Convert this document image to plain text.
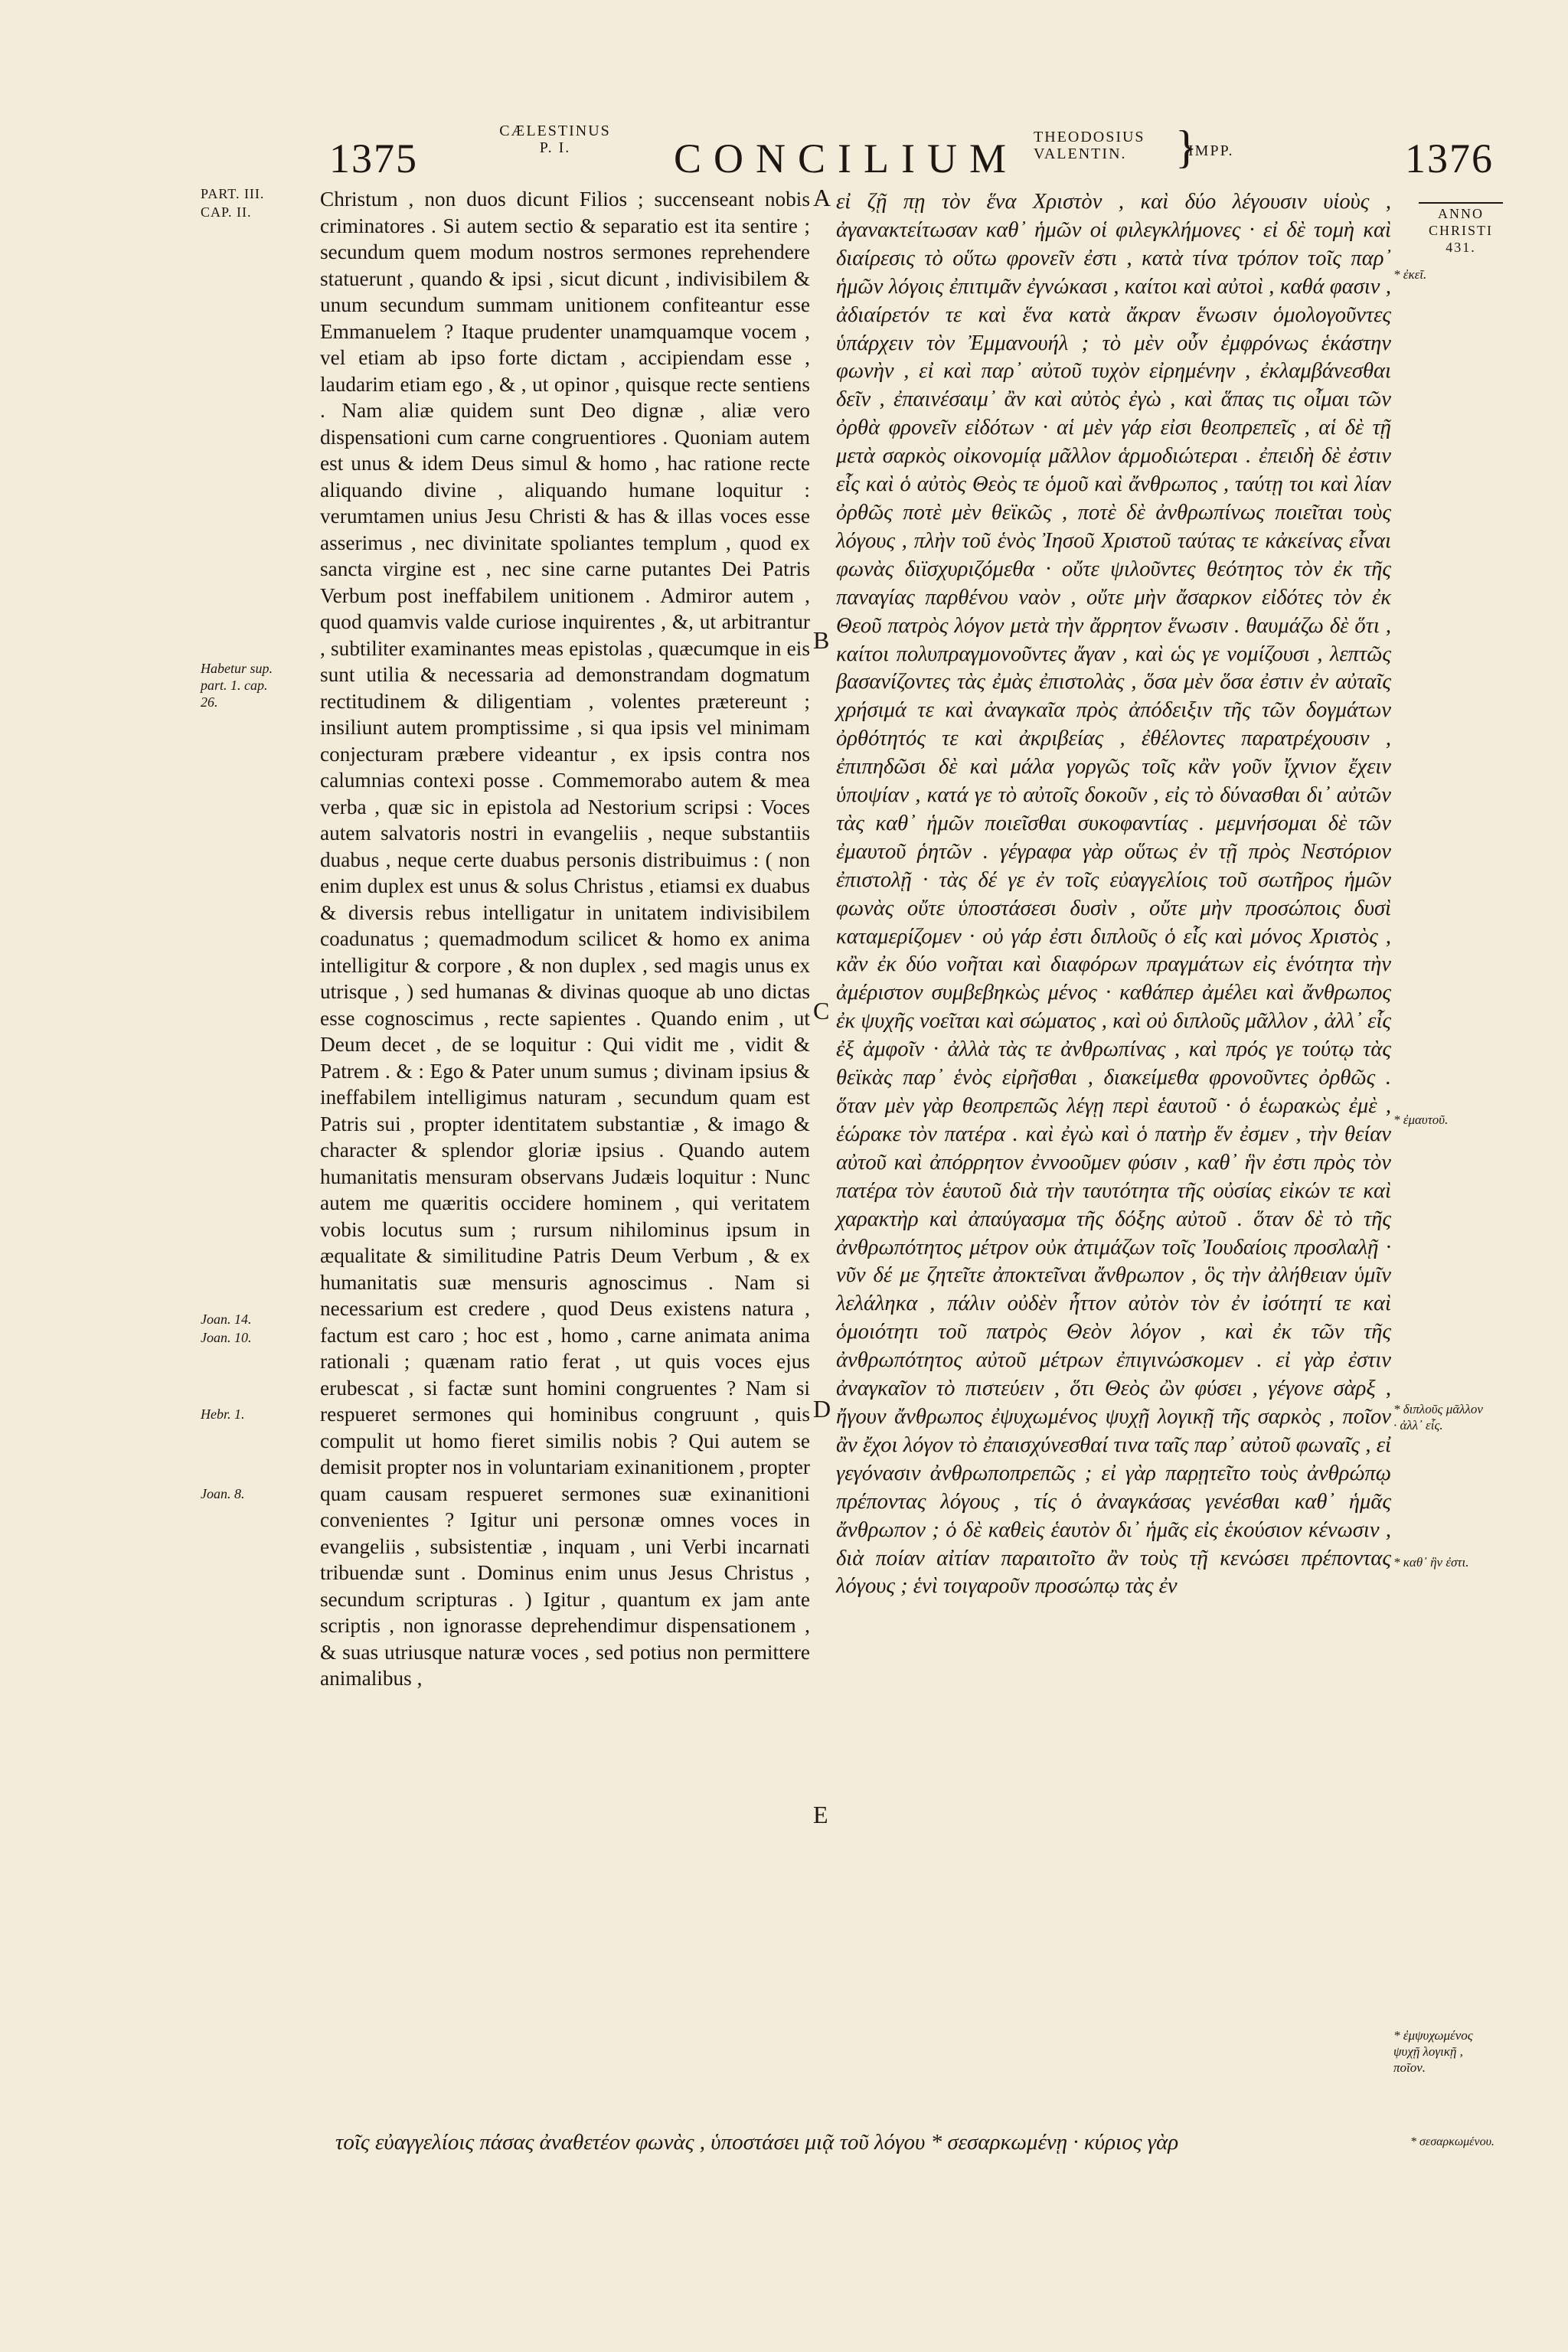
1375
CÆLESTINUS
P. I.	CONCILIUM THEODOSIUS
VALENTIN.	}
IMPP.	1376
ANNO
CHRISTI
431.
PART. III.
CAP. II.
Habetur sup.
part. 1. cap.
26.
Joan. 14.
Joan. 10.
Hebr. 1.
Joan. 8.

Christum , non duos dicunt Filios ; succenseant nobis criminatores . Si autem sectio & separatio est ita sentire ; secundum quem modum nostros sermones reprehendere statuerunt , quando & ipsi , sicut dicunt , indivisibilem & unum secundum summam unitionem confiteantur esse Emmanuelem ? Itaque prudenter unamquamque vocem , vel etiam ab ipso forte dictam , accipiendam esse , laudarim etiam ego , & , ut opinor , quisque recte sentiens . Nam aliæ quidem sunt Deo dignæ , aliæ vero dispensationi cum carne congruentiores . Quoniam autem est unus & idem Deus simul & homo , hac ratione recte aliquando divine , aliquando humane loquitur : verumtamen unius Jesu Christi & has & illas voces esse asserimus , nec divinitate spoliantes templum , quod ex sancta virgine est , nec sine carne putantes Dei Patris Verbum post ineffabilem unitionem . Admiror autem , quod quamvis valde curiose inquirentes , &, ut arbitrantur , subtiliter examinantes meas epistolas , quæcumque in eis sunt utilia & necessaria ad demonstrandam dogmatum rectitudinem & diligentiam , volentes prætereunt ; insiliunt autem promptissime , si qua ipsis vel minimam conjecturam præbere videantur , ex ipsis contra nos calumnias contexi posse . Commemorabo autem & mea verba , quæ sic in epistola ad Nestorium scripsi : Voces autem salvatoris nostri in evangeliis , neque substantiis duabus , neque certe duabus personis distribuimus : ( non enim duplex est unus & solus Christus , etiamsi ex duabus & diversis rebus intelligatur in unitatem indivisibilem coadunatus ; quemadmodum scilicet & homo ex anima intelligitur & corpore , & non duplex , sed magis unus ex utrisque , ) sed humanas & divinas quoque ab uno dictas esse cognoscimus , recte sapientes . Quando enim , ut Deum decet , de se loquitur : Qui vidit me , vidit & Patrem . & : Ego & Pater unum sumus ; divinam ipsius & ineffabilem intelligimus naturam , secundum quam est Patris sui , propter identitatem substantiæ , & imago & character & splendor gloriæ ipsius . Quando autem humanitatis mensuram observans Judæis loquitur : Nunc autem me quæritis occidere hominem , qui veritatem vobis locutus sum ; rursum nihilominus ipsum in æqualitate & similitudine Patris Deum Verbum , & ex humanitatis suæ mensuris agnoscimus . Nam si necessarium est credere , quod Deus existens natura , factum est caro ; hoc est , homo , carne animata anima rationali ; quænam ratio ferat , ut quis voces ejus erubescat , si factæ sunt homini congruentes ? Nam si respueret sermones qui hominibus congruunt , quis compulit ut homo fieret similis nobis ? Qui autem se demisit propter nos in voluntariam exinanitionem , propter quam causam respueret sermones suæ exinanitioni convenientes ? Igitur uni personæ omnes voces in evangeliis , subsistentiæ , inquam , uni Verbi incarnati tribuendæ sunt . Dominus enim unus Jesus Christus , secundum scripturas . ) Igitur , quantum ex jam ante scriptis , non ignorasse deprehendimur dispensationem , & suas utriusque naturæ voces , sed potius non permittere animalibus ,

A
B
C
D
E

εἰ ζῇ πῃ τὸν ἕνα Χριστὸν , καὶ δύο λέγουσιν υἱοὺς , ἀγανακτείτωσαν καθ᾽ ἡμῶν οἱ φιλεγκλήμονες · εἰ δὲ τομὴ καὶ διαίρεσις τὸ οὕτω φρονεῖν ἐστι , κατὰ τίνα τρόπον τοῖς παρ᾽ ἡμῶν λόγοις ἐπιτιμᾶν ἐγνώκασι , καίτοι καὶ αὐτοὶ , καθά φασιν , ἀδιαίρετόν τε καὶ ἕνα κατὰ ἄκραν ἕνωσιν ὁμολογοῦντες ὑπάρχειν τὸν Ἐμμανουήλ ; τὸ μὲν οὖν ἐμφρόνως ἑκάστην φωνὴν , εἰ καὶ παρ᾽ αὐτοῦ τυχὸν εἰρημένην , ἐκλαμβάνεσθαι δεῖν , ἐπαινέσαιμ᾽ ἂν καὶ αὐτὸς ἐγὼ , καὶ ἅπας τις οἶμαι τῶν ὀρθὰ φρονεῖν εἰδότων · αἱ μὲν γάρ εἰσι θεοπρεπεῖς , αἱ δὲ τῇ μετὰ σαρκὸς οἰκονομίᾳ μᾶλλον ἁρμοδιώτεραι . ἐπειδὴ δὲ ἐστιν εἷς καὶ ὁ αὐτὸς Θεὸς τε ὁμοῦ καὶ ἄνθρωπος , ταύτῃ τοι καὶ λίαν ὀρθῶς ποτὲ μὲν θεϊκῶς , ποτὲ δὲ ἀνθρωπίνως ποιεῖται τοὺς λόγους , πλὴν τοῦ ἑνὸς Ἰησοῦ Χριστοῦ ταύτας τε κἀκείνας εἶναι φωνὰς διϊσχυριζόμεθα · οὔτε ψιλοῦντες θεότητος τὸν ἐκ τῆς παναγίας παρθένου ναὸν , οὔτε μὴν ἄσαρκον εἰδότες τὸν ἐκ Θεοῦ πατρὸς λόγον μετὰ τὴν ἄρρητον ἕνωσιν . θαυμάζω δὲ ὅτι , καίτοι πολυπραγμονοῦντες ἄγαν , καὶ ὡς γε νομίζουσι , λεπτῶς βασανίζοντες τὰς ἐμὰς ἐπιστολὰς , ὅσα μὲν ὅσα ἐστιν ἐν αὐταῖς χρήσιμά τε καὶ ἀναγκαῖα πρὸς ἀπόδειξιν τῆς τῶν δογμάτων ὀρθότητός τε καὶ ἀκριβείας , ἐθέλοντες παρατρέχουσιν , ἐπιπηδῶσι δὲ καὶ μάλα γοργῶς τοῖς κἂν γοῦν ἴχνιον ἔχειν ὑποψίαν , κατά γε τὸ αὐτοῖς δοκοῦν , εἰς τὸ δύνασθαι δι᾽ αὐτῶν τὰς καθ᾽ ἡμῶν ποιεῖσθαι συκοφαντίας . μεμνήσομαι δὲ τῶν ἐμαυτοῦ ῥητῶν . γέγραφα γὰρ οὕτως ἐν τῇ πρὸς Νεστόριον ἐπιστολῇ · τὰς δέ γε ἐν τοῖς εὐαγγελίοις τοῦ σωτῆρος ἡμῶν φωνὰς οὔτε ὑποστάσεσι δυσὶν , οὔτε μὴν προσώποις δυσὶ καταμερίζομεν · οὐ γάρ ἐστι διπλοῦς ὁ εἷς καὶ μόνος Χριστὸς , κἂν ἐκ δύο νοῆται καὶ διαφόρων πραγμάτων εἰς ἑνότητα τὴν ἀμέριστον συμβεβηκὼς μένος · καθάπερ ἀμέλει καὶ ἄνθρωπος ἐκ ψυχῆς νοεῖται καὶ σώματος , καὶ οὐ διπλοῦς μᾶλλον , ἀλλ᾽ εἷς ἐξ ἀμφοῖν · ἀλλὰ τὰς τε ἀνθρωπίνας , καὶ πρός γε τούτῳ τὰς θεϊκὰς παρ᾽ ἑνὸς εἰρῆσθαι , διακείμεθα φρονοῦντες ὀρθῶς . ὅταν μὲν γὰρ θεοπρεπῶς λέγῃ περὶ ἑαυτοῦ · ὁ ἑωρακὼς ἐμὲ , ἑώρακε τὸν πατέρα . καὶ ἐγὼ καὶ ὁ πατὴρ ἕν ἐσμεν , τὴν θείαν αὐτοῦ καὶ ἀπόρρητον ἐννοοῦμεν φύσιν , καθ᾽ ἣν ἐστι πρὸς τὸν πατέρα τὸν ἑαυτοῦ διὰ τὴν ταυτότητα τῆς οὐσίας εἰκών τε καὶ χαρακτὴρ καὶ ἀπαύγασμα τῆς δόξης αὐτοῦ . ὅταν δὲ τὸ τῆς ἀνθρωπότητος μέτρον οὐκ ἀτιμάζων τοῖς Ἰουδαίοις προσλαλῇ · νῦν δέ με ζητεῖτε ἀποκτεῖναι ἄνθρωπον , ὃς τὴν ἀλήθειαν ὑμῖν λελάληκα , πάλιν οὐδὲν ἧττον αὐτὸν τὸν ἐν ἰσότητί τε καὶ ὁμοιότητι τοῦ πατρὸς Θεὸν λόγον , καὶ ἐκ τῶν τῆς ἀνθρωπότητος αὐτοῦ μέτρων ἐπιγινώσκομεν . εἰ γὰρ ἐστιν ἀναγκαῖον τὸ πιστεύειν , ὅτι Θεὸς ὢν φύσει , γέγονε σὰρξ , ἤγουν ἄνθρωπος ἐψυχωμένος ψυχῇ λογικῇ τῆς σαρκὸς , ποῖον ἂν ἔχοι λόγον τὸ ἐπαισχύνεσθαί τινα ταῖς παρ᾽ αὐτοῦ φωναῖς , εἰ γεγόνασιν ἀνθρωποπρεπῶς ; εἰ γὰρ παρῃτεῖτο τοὺς ἀνθρώπῳ πρέποντας λόγους , τίς ὁ ἀναγκάσας γενέσθαι καθ᾽ ἡμᾶς ἄνθρωπον ; ὁ δὲ καθεὶς ἑαυτὸν δι᾽ ἡμᾶς εἰς ἑκούσιον κένωσιν , διὰ ποίαν αἰτίαν παραιτοῖτο ἂν τοὺς τῇ κενώσει πρέποντας λόγους ; ἑνὶ τοιγαροῦν προσώπῳ τὰς ἐν

τοῖς εὐαγγελίοις πάσας ἀναθετέον φωνὰς , ὑποστάσει μιᾷ τοῦ λόγου * σεσαρκωμένῃ · κύριος γὰρ
* ἐκεῖ.
* ἐμαυτοῦ.
* διπλοῦς μᾶλλον · ἀλλ᾽ εἷς.
* καθ᾽ ἣν ἐστι.
* ἐμψυχωμένος ψυχῇ λογικῇ , ποῖον.
* σεσαρκωμένου.
